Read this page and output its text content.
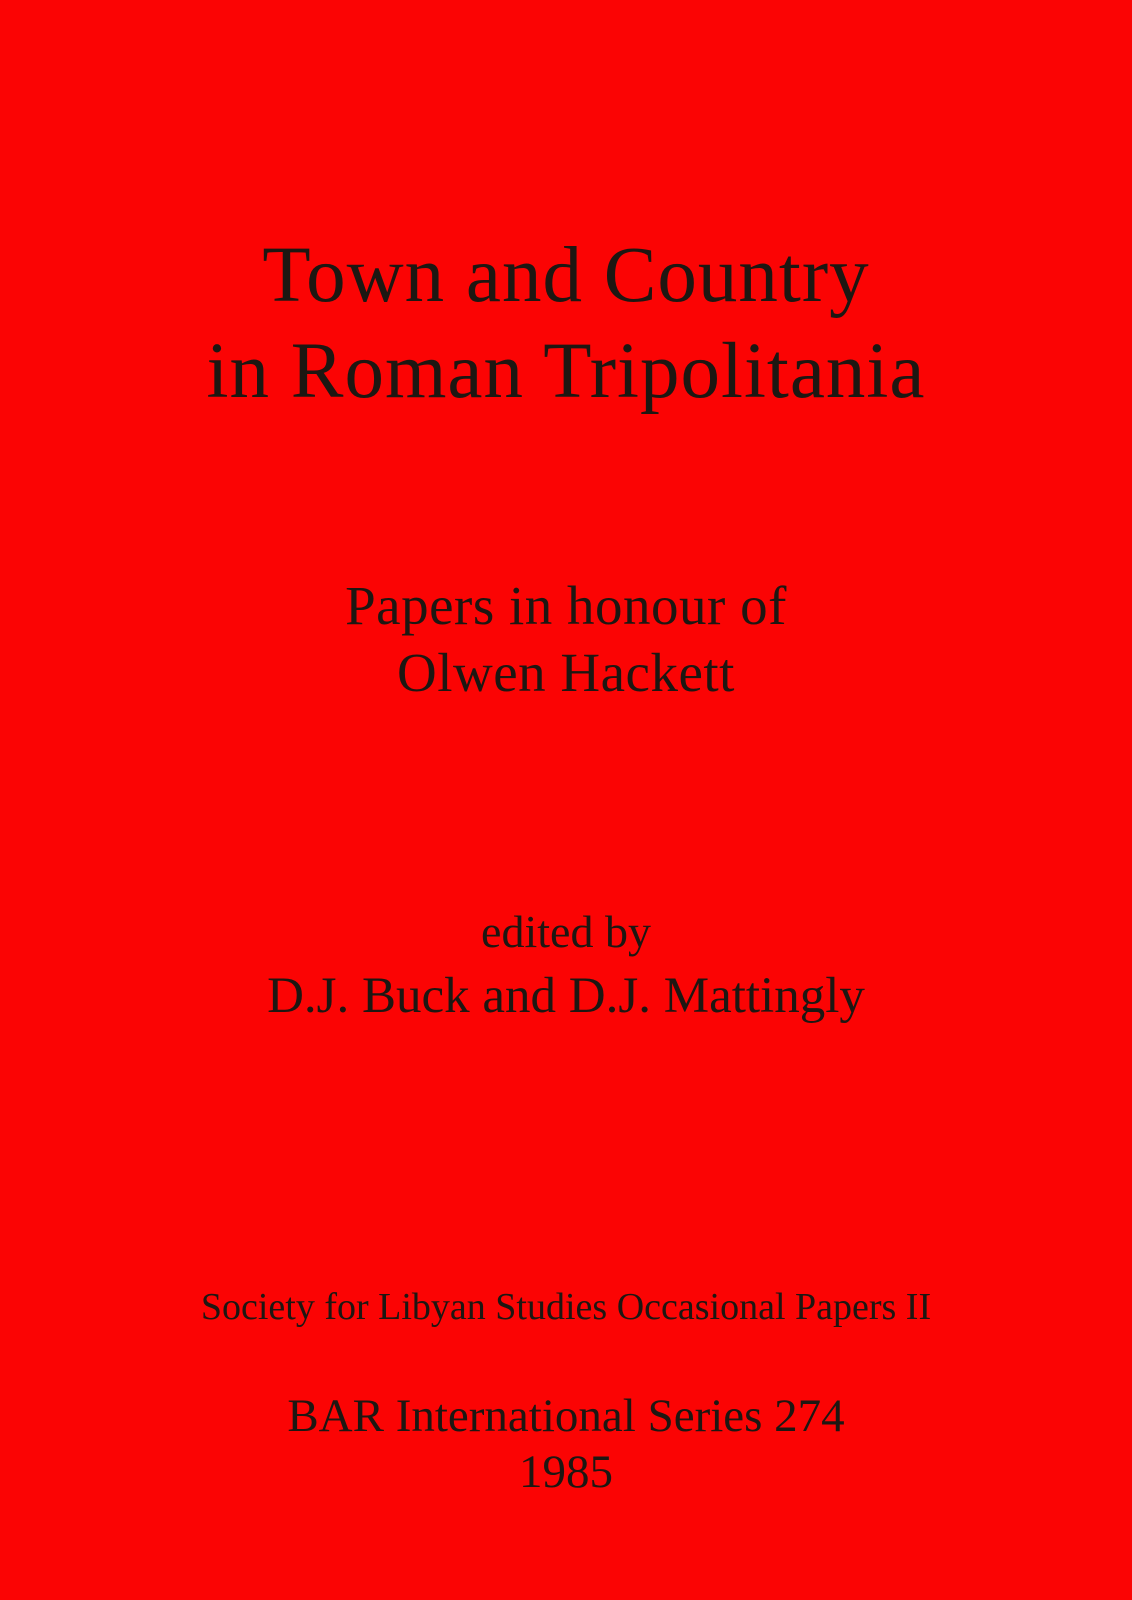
Town and Country
in Roman Tripolitania
Papers in honour of
Olwen Hackett
edited by
D.J. Buck and D.J. Mattingly
Society for Libyan Studies Occasional Papers II
BAR International Series 274
1985
